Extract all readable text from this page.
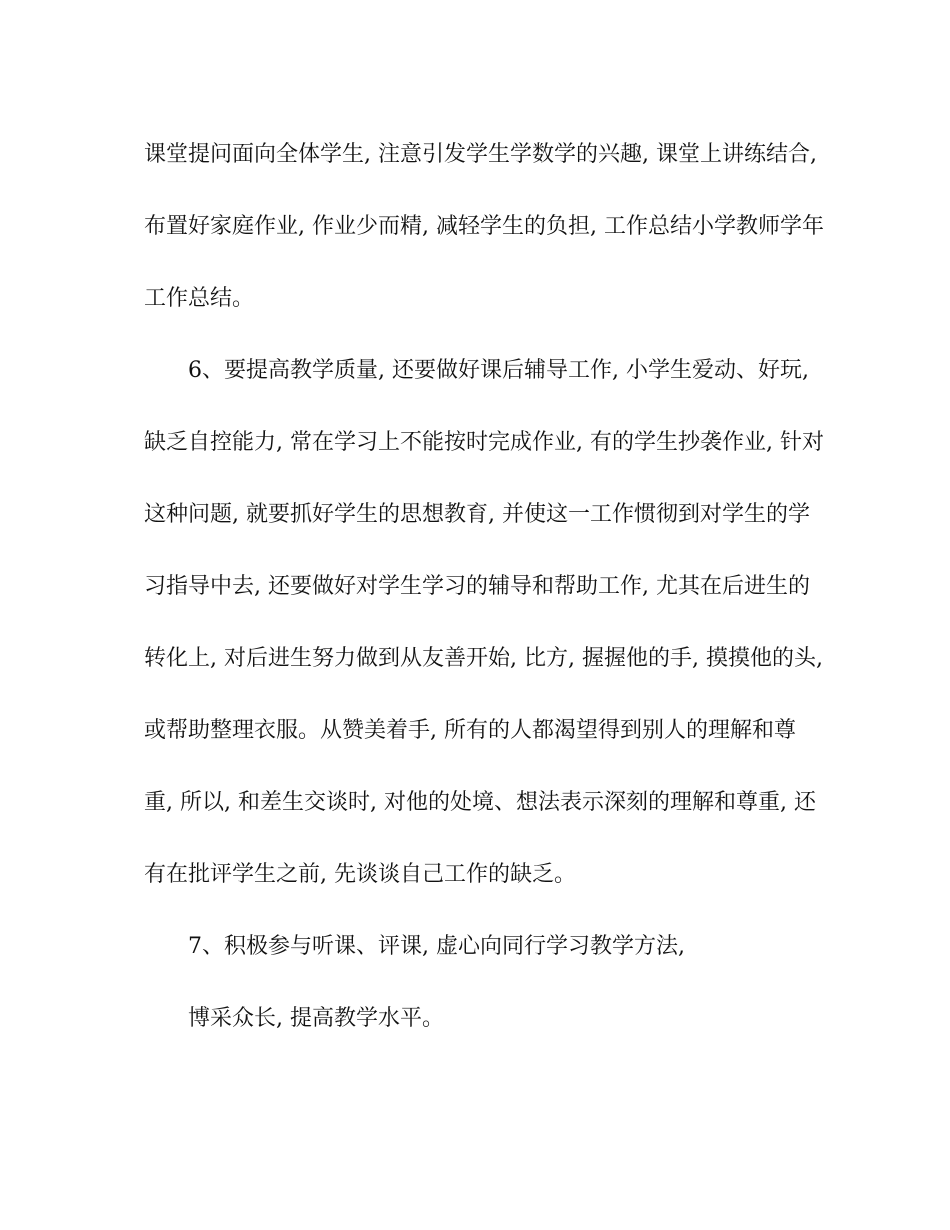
课堂提问面向全体学生, 注意引发学生学数学的兴趣, 课堂上讲练结合,
布置好家庭作业, 作业少而精, 减轻学生的负担, 工作总结小学教师学年
工作总结。
6、要提高教学质量, 还要做好课后辅导工作, 小学生爱动、好玩,
缺乏自控能力, 常在学习上不能按时完成作业, 有的学生抄袭作业, 针对
这种问题, 就要抓好学生的思想教育, 并使这一工作惯彻到对学生的学
习指导中去, 还要做好对学生学习的辅导和帮助工作, 尤其在后进生的
转化上, 对后进生努力做到从友善开始, 比方, 握握他的手, 摸摸他的头,
或帮助整理衣服。从赞美着手, 所有的人都渴望得到别人的理解和尊
重, 所以, 和差生交谈时, 对他的处境、想法表示深刻的理解和尊重, 还
有在批评学生之前, 先谈谈自己工作的缺乏。
7、积极参与听课、评课, 虚心向同行学习教学方法,
博采众长, 提高教学水平。
